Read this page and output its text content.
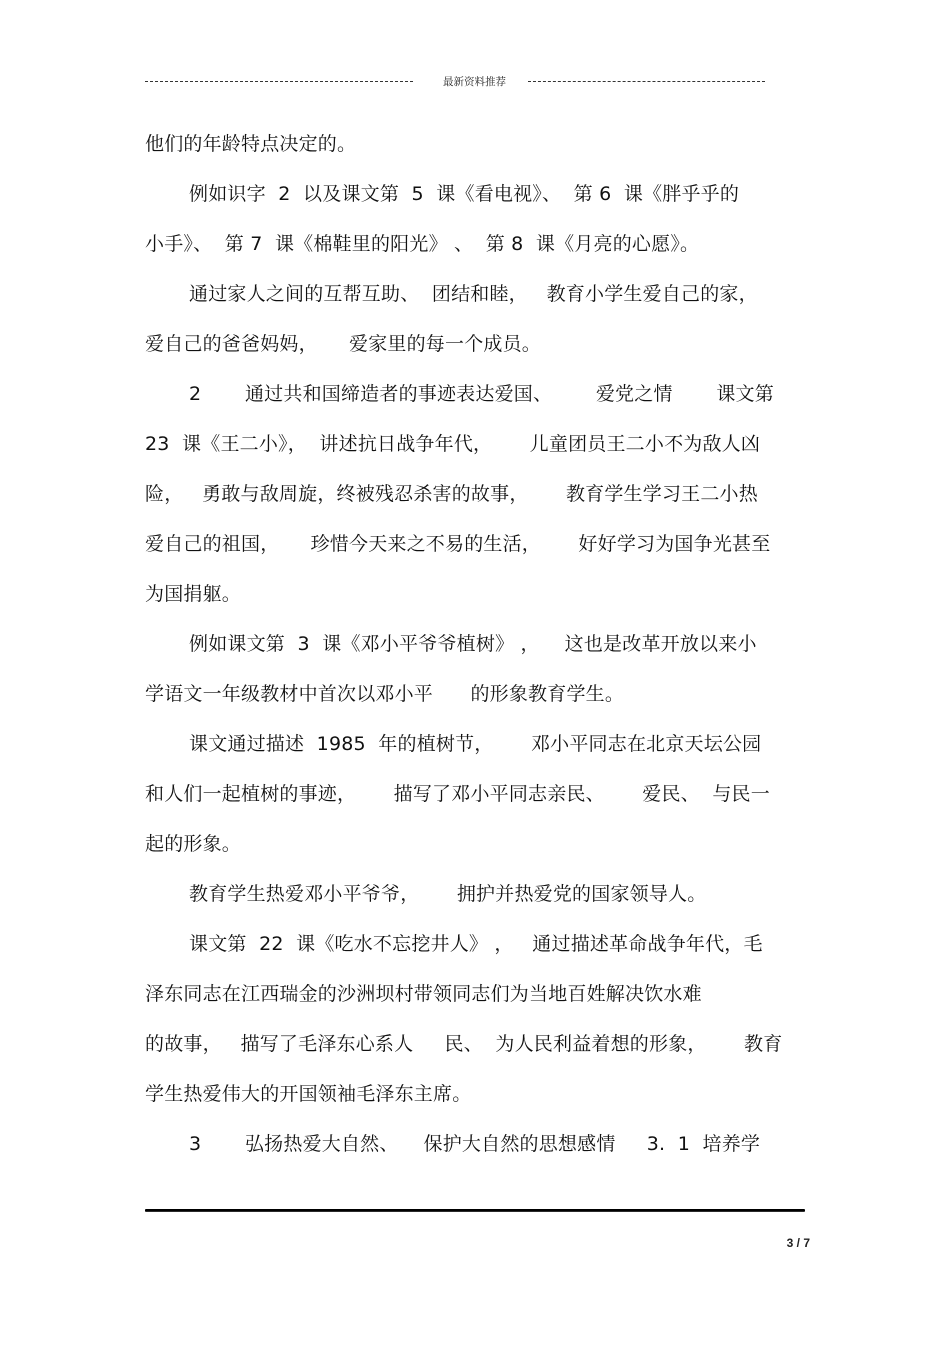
最新资料推荐
他们的年龄特点决定的。
例如识字  2  以及课文第  5  课《看电视》、  第 6  课《胖乎乎的
小手》、  第 7  课《棉鞋里的阳光》 、  第 8  课《月亮的心愿》。
通过家人之间的互帮互助、  团结和睦，   教育小学生爱自己的家，
爱自己的爸爸妈妈，     爱家里的每一个成员。
2       通过共和国缔造者的事迹表达爱国、       爱党之情       课文第
23  课《王二小》，  讲述抗日战争年代，      儿童团员王二小不为敌人凶
险，   勇敢与敌周旋，终被残忍杀害的故事，      教育学生学习王二小热
爱自己的祖国，     珍惜今天来之不易的生活，      好好学习为国争光甚至
为国捐躯。
例如课文第  3  课《邓小平爷爷植树》 ，    这也是改革开放以来小
学语文一年级教材中首次以邓小平      的形象教育学生。
课文通过描述  1985  年的植树节，      邓小平同志在北京天坛公园
和人们一起植树的事迹，      描写了邓小平同志亲民、      爱民、  与民一
起的形象。
教育学生热爱邓小平爷爷，      拥护并热爱党的国家领导人。
课文第  22  课《吃水不忘挖井人》 ，   通过描述革命战争年代，毛
泽东同志在江西瑞金的沙洲坝村带领同志们为当地百姓解决饮水难
的故事，   描写了毛泽东心系人     民、  为人民利益着想的形象，      教育
学生热爱伟大的开国领袖毛泽东主席。
3       弘扬热爱大自然、    保护大自然的思想感情     3.  1  培养学
3 / 7
